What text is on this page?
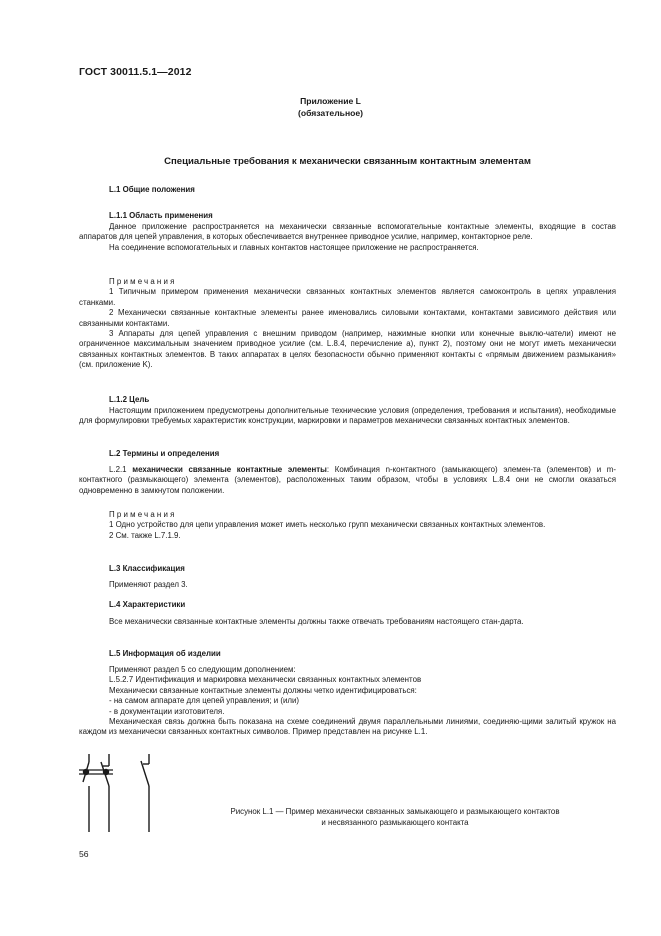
ГОСТ 30011.5.1—2012
Приложение L
(обязательное)
Специальные требования к механически связанным контактным элементам
L.1 Общие положения
L.1.1 Область применения

Данное приложение распространяется на механически связанные вспомогательные контактные элементы, входящие в состав аппаратов для цепей управления, в которых обеспечивается внутреннее приводное усилие, например, контакторное реле.

На соединение вспомогательных и главных контактов настоящее приложение не распространяется.

Примечания

1 Типичным примером применения механически связанных контактных элементов является самоконтроль в цепях управления станками.

2 Механически связанные контактные элементы ранее именовались силовыми контактами, контактами зависимого действия или связанными контактами.

3 Аппараты для цепей управления с внешним приводом (например, нажимные кнопки или конечные выклю-чатели) имеют не ограниченное максимальным значением приводное усилие (см. L.8.4, перечисление а), пункт 2), поэтому они не могут иметь механически связанных контактных элементов. В таких аппаратах в целях безопасности обычно применяют контакты с «прямым движением размыкания» (см. приложение K).

L.1.2 Цель

Настоящим приложением предусмотрены дополнительные технические условия (определения, требования и испытания), необходимые для формулировки требуемых характеристик конструкции, маркировки и параметров механически связанных контактных элементов.

L.2 Термины и определения

L.2.1 механически связанные контактные элементы: Комбинация n-контактного (замыкающего) элемен-та (элементов) и m-контактного (размыкающего) элемента (элементов), расположенных таким образом, чтобы в условиях L.8.4 они не смогли оказаться одновременно в замкнутом положении.

Примечания

1 Одно устройство для цепи управления может иметь несколько групп механически связанных контактных элементов.

2 См. также L.7.1.9.

L.3 Классификация

Применяют раздел 3.

L.4 Характеристики

Все механически связанные контактные элементы должны также отвечать требованиям настоящего стан-дарта.

L.5 Информация об изделии

Применяют раздел 5 со следующим дополнением:

L.5.2.7 Идентификация и маркировка механически связанных контактных элементов

Механически связанные контактные элементы должны четко идентифицироваться:

- на самом аппарате для цепей управления; и (или)

- в документации изготовителя.

Механическая связь должна быть показана на схеме соединений двумя параллельными линиями, соединяю-щими залитый кружок на каждом из механически связанных контактных символов. Пример представлен на рисунке L.1.

Рисунок L.1 — Пример механически связанных замыкающего и размыкающего контактов
и несвязанного размыкающего контакта
56
